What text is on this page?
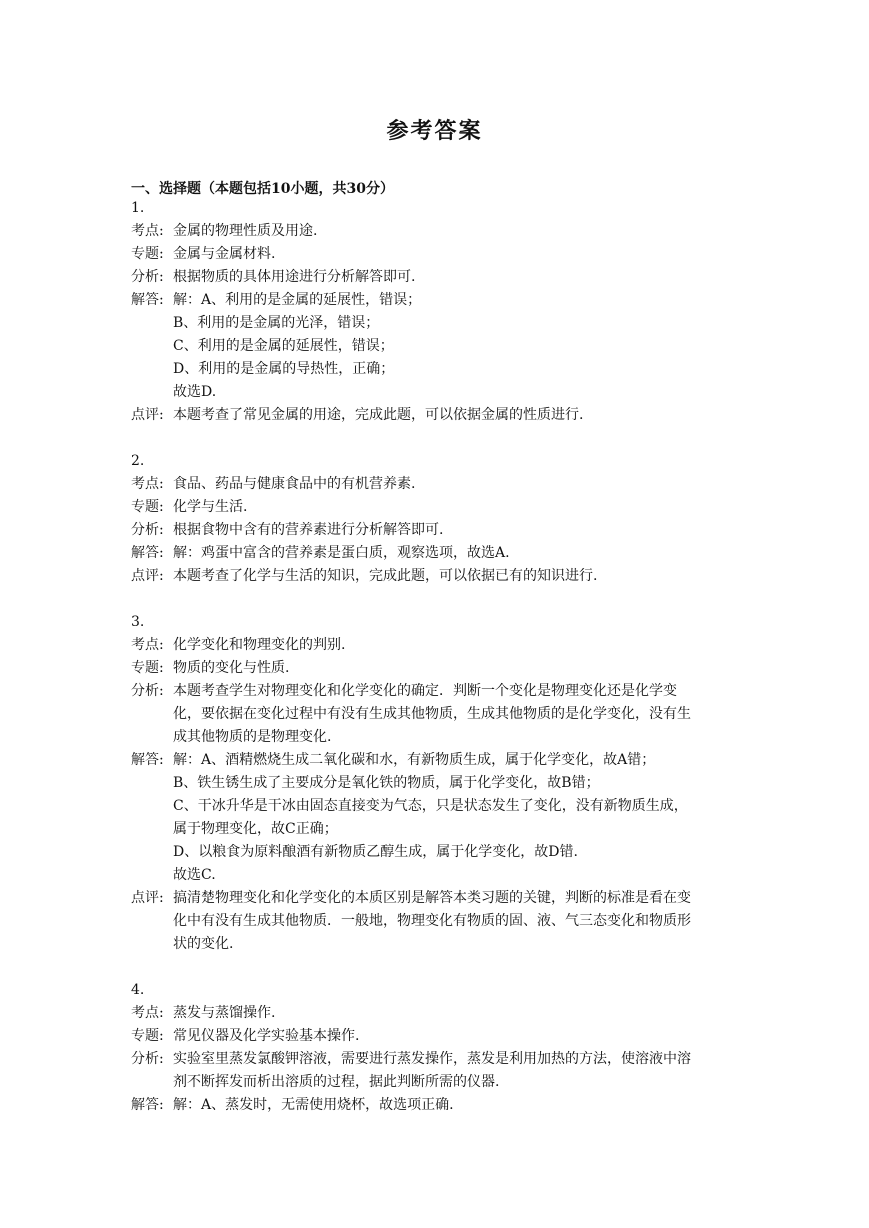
参考答案
一、选择题（本题包括10小题，共30分）
1.
考点: 金属的物理性质及用途.
专题: 金属与金属材料.
分析: 根据物质的具体用途进行分析解答即可.
解答: 解：A、利用的是金属的延展性，错误；
B、利用的是金属的光泽，错误；
C、利用的是金属的延展性，错误；
D、利用的是金属的导热性，正确；
故选D.
点评: 本题考查了常见金属的用途，完成此题，可以依据金属的性质进行.
2.
考点: 食品、药品与健康食品中的有机营养素.
专题: 化学与生活.
分析: 根据食物中含有的营养素进行分析解答即可.
解答: 解：鸡蛋中富含的营养素是蛋白质，观察选项，故选A.
点评: 本题考查了化学与生活的知识，完成此题，可以依据已有的知识进行.
3.
考点: 化学变化和物理变化的判别.
专题: 物质的变化与性质.
分析: 本题考查学生对物理变化和化学变化的确定．判断一个变化是物理变化还是化学变
化，要依据在变化过程中有没有生成其他物质，生成其他物质的是化学变化，没有生
成其他物质的是物理变化.
解答: 解：A、酒精燃烧生成二氧化碳和水，有新物质生成，属于化学变化，故A错；
B、铁生锈生成了主要成分是氧化铁的物质，属于化学变化，故B错；
C、干冰升华是干冰由固态直接变为气态，只是状态发生了变化，没有新物质生成，
属于物理变化，故C正确；
D、以粮食为原料酿酒有新物质乙醇生成，属于化学变化，故D错.
故选C.
点评: 搞清楚物理变化和化学变化的本质区别是解答本类习题的关键，判断的标准是看在变
化中有没有生成其他物质．一般地，物理变化有物质的固、液、气三态变化和物质形
状的变化.
4.
考点: 蒸发与蒸馏操作.
专题: 常见仪器及化学实验基本操作.
分析: 实验室里蒸发氯酸钾溶液，需要进行蒸发操作，蒸发是利用加热的方法，使溶液中溶
剂不断挥发而析出溶质的过程，据此判断所需的仪器.
解答: 解：A、蒸发时，无需使用烧杯，故选项正确.
